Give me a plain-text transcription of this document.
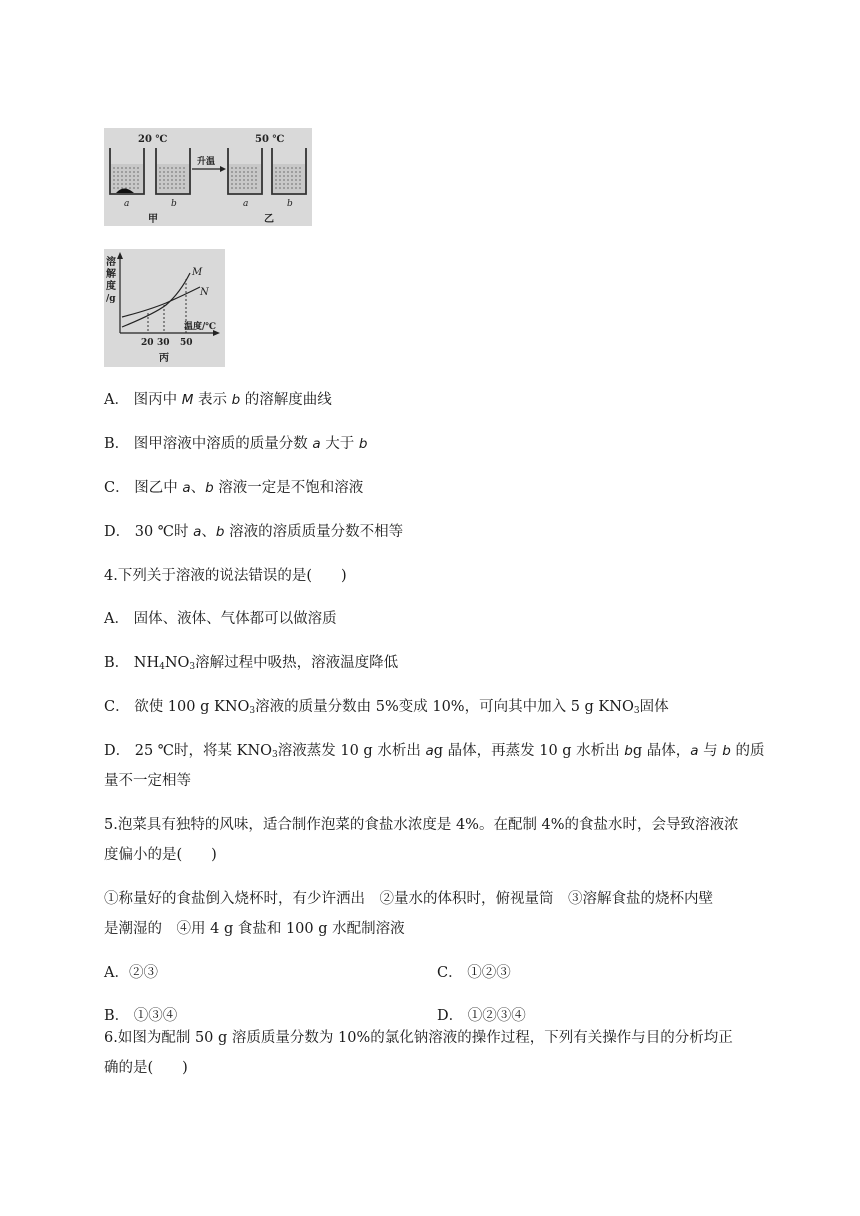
20 ℃	50 ℃
升温
a	b	a	b
甲	乙
溶
解
度
/g
M
N
温度/℃
20 30 50
丙
A． 图丙中 M 表示 b 的溶解度曲线
B． 图甲溶液中溶质的质量分数 a 大于 b
C． 图乙中 a、b 溶液一定是不饱和溶液
D． 30 ℃时 a、b 溶液的溶质质量分数不相等
4.下列关于溶液的说法错误的是(　　)
A． 固体、液体、气体都可以做溶质
B． $NH_4NO_3$溶解过程中吸热，溶液温度降低
C． 欲使 100 g $KNO_3$溶液的质量分数由 5%变成 10%，可向其中加入 5 g $KNO_3$固体
D． 25 ℃时，将某 $KNO_3$溶液蒸发 10 g 水析出 ag 晶体，再蒸发 10 g 水析出 bg 晶体，a 与 b 的质
量不一定相等
5.泡菜具有独特的风味，适合制作泡菜的食盐水浓度是 4%。在配制 4%的食盐水时，会导致溶液浓
度偏小的是(　　)
①称量好的食盐倒入烧杯时，有少许洒出　②量水的体积时，俯视量筒　③溶解食盐的烧杯内壁
是潮湿的　④用 4 g 食盐和 100 g 水配制溶液
A．②③	C． ①②③
B． ①③④	D． ①②③④
6.如图为配制 50 g 溶质质量分数为 10%的氯化钠溶液的操作过程，下列有关操作与目的分析均正
确的是(　　)
